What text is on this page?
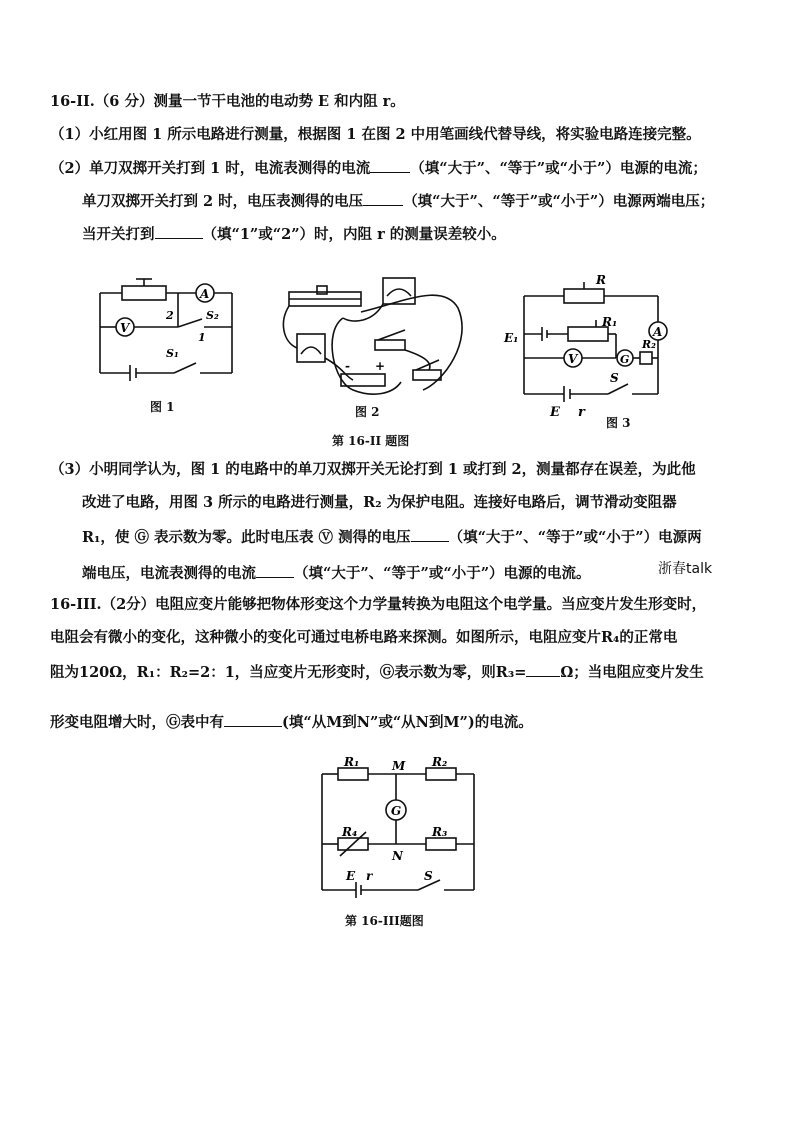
16-II.（6 分）测量一节干电池的电动势 E 和内阻 r。
（1）小红用图 1 所示电路进行测量，根据图 1 在图 2 中用笔画线代替导线，将实验电路连接完整。
（2）单刀双掷开关打到 1 时，电流表测得的电流	（填“大于”、“等于”或“小于”）电源的电流；
单刀双掷开关打到 2 时，电压表测得的电压	（填“大于”、“等于”或“小于”）电源两端电压；
当开关打到	（填“1”或“2”）时，内阻 r 的测量误差较小。
A
V
2
1
S₂
S₁
图 1
- +
图 2
R
A
E₁
R₁
V	G
R₂
S
E r
图 3
第 16-II 题图
（3）小明同学认为，图 1 的电路中的单刀双掷开关无论打到 1 或打到 2，测量都存在误差，为此他
改进了电路，用图 3 所示的电路进行测量，R₂ 为保护电阻。连接好电路后，调节滑动变阻器
R₁，使 Ⓖ 表示数为零。此时电压表 Ⓥ 测得的电压	（填“大于”、“等于”或“小于”）电源两
端电压，电流表测得的电流	（填“大于”、“等于”或“小于”）电源的电流。	浙春talk
16-III.（2分）电阻应变片能够把物体形变这个力学量转换为电阻这个电学量。当应变片发生形变时，
电阻会有微小的变化，这种微小的变化可通过电桥电路来探测。如图所示，电阻应变片R₄的正常电
阻为120Ω，R₁：R₂=2：1，当应变片无形变时，Ⓖ表示数为零，则R₃= Ω；当电阻应变片发生
形变电阻增大时，Ⓖ表中有	(填“从M到N”或“从N到M”)的电流。
R₁	R₂
M
G
R₄	R₃
N
E r	S
第 16-III题图
